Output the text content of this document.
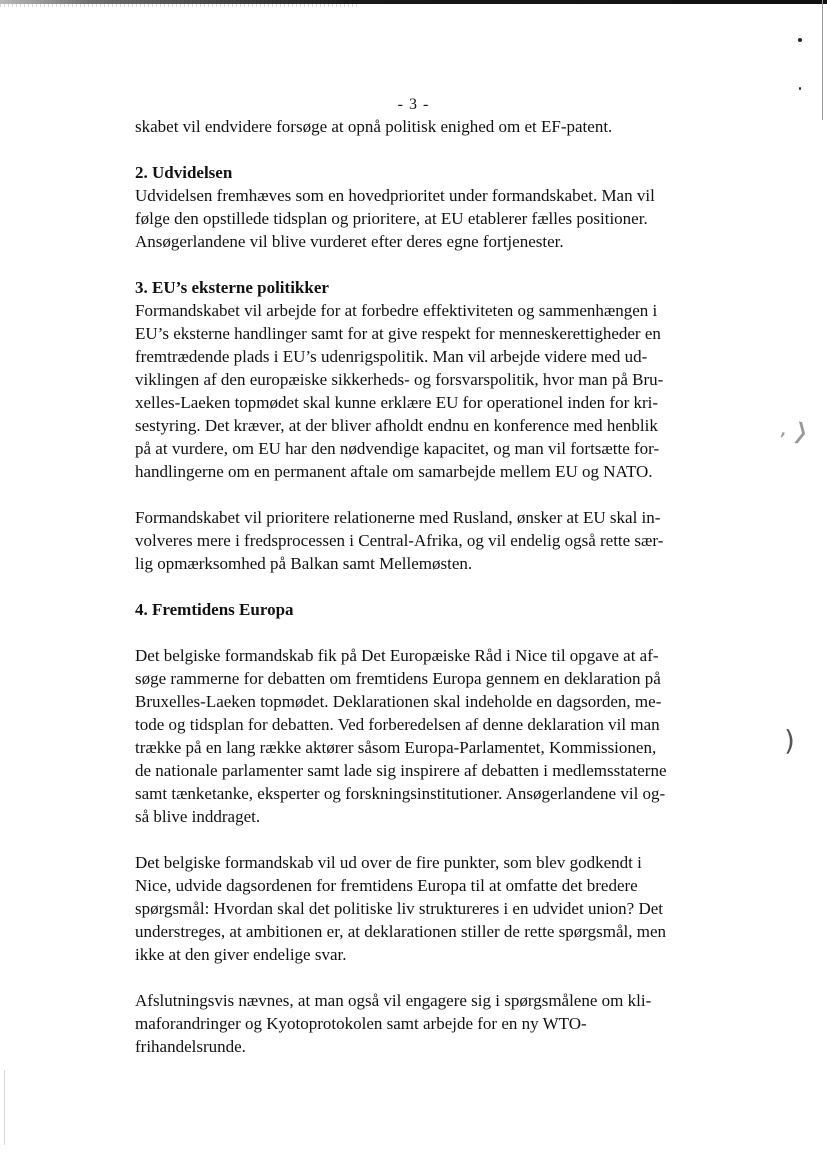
 , ❭
)
- 3 -

skabet vil endvidere forsøge at opnå politisk enighed om et EF-patent.

2. Udvidelsen

Udvidelsen fremhæves som en hovedprioritet under formandskabet. Man vil
følge den opstillede tidsplan og prioritere, at EU etablerer fælles positioner.
Ansøgerlandene vil blive vurderet efter deres egne fortjenester.

3. EU’s eksterne politikker

Formandskabet vil arbejde for at forbedre effektiviteten og sammenhængen i
EU’s eksterne handlinger samt for at give respekt for menneskerettigheder en
fremtrædende plads i EU’s udenrigspolitik. Man vil arbejde videre med ud-
viklingen af den europæiske sikkerheds- og forsvarspolitik, hvor man på Bru-
xelles-Laeken topmødet skal kunne erklære EU for operationel inden for kri-
sestyring. Det kræver, at der bliver afholdt endnu en konference med henblik
på at vurdere, om EU har den nødvendige kapacitet, og man vil fortsætte for-
handlingerne om en permanent aftale om samarbejde mellem EU og NATO.

Formandskabet vil prioritere relationerne med Rusland, ønsker at EU skal in-
volveres mere i fredsprocessen i Central-Afrika, og vil endelig også rette sær-
lig opmærksomhed på Balkan samt Mellemøsten.

4. Fremtidens Europa

Det belgiske formandskab fik på Det Europæiske Råd i Nice til opgave at af-
søge rammerne for debatten om fremtidens Europa gennem en deklaration på
Bruxelles-Laeken topmødet. Deklarationen skal indeholde en dagsorden, me-
tode og tidsplan for debatten. Ved forberedelsen af denne deklaration vil man
trække på en lang række aktører såsom Europa-Parlamentet, Kommissionen,
de nationale parlamenter samt lade sig inspirere af debatten i medlemsstaterne
samt tænketanke, eksperter og forskningsinstitutioner. Ansøgerlandene vil og-
så blive inddraget.

Det belgiske formandskab vil ud over de fire punkter, som blev godkendt i
Nice, udvide dagsordenen for fremtidens Europa til at omfatte det bredere
spørgsmål: Hvordan skal det politiske liv struktureres i en udvidet union? Det
understreges, at ambitionen er, at deklarationen stiller de rette spørgsmål, men
ikke at den giver endelige svar.

Afslutningsvis nævnes, at man også vil engagere sig i spørgsmålene om kli-
maforandringer og Kyotoprotokolen samt arbejde for en ny WTO-
frihandelsrunde.
